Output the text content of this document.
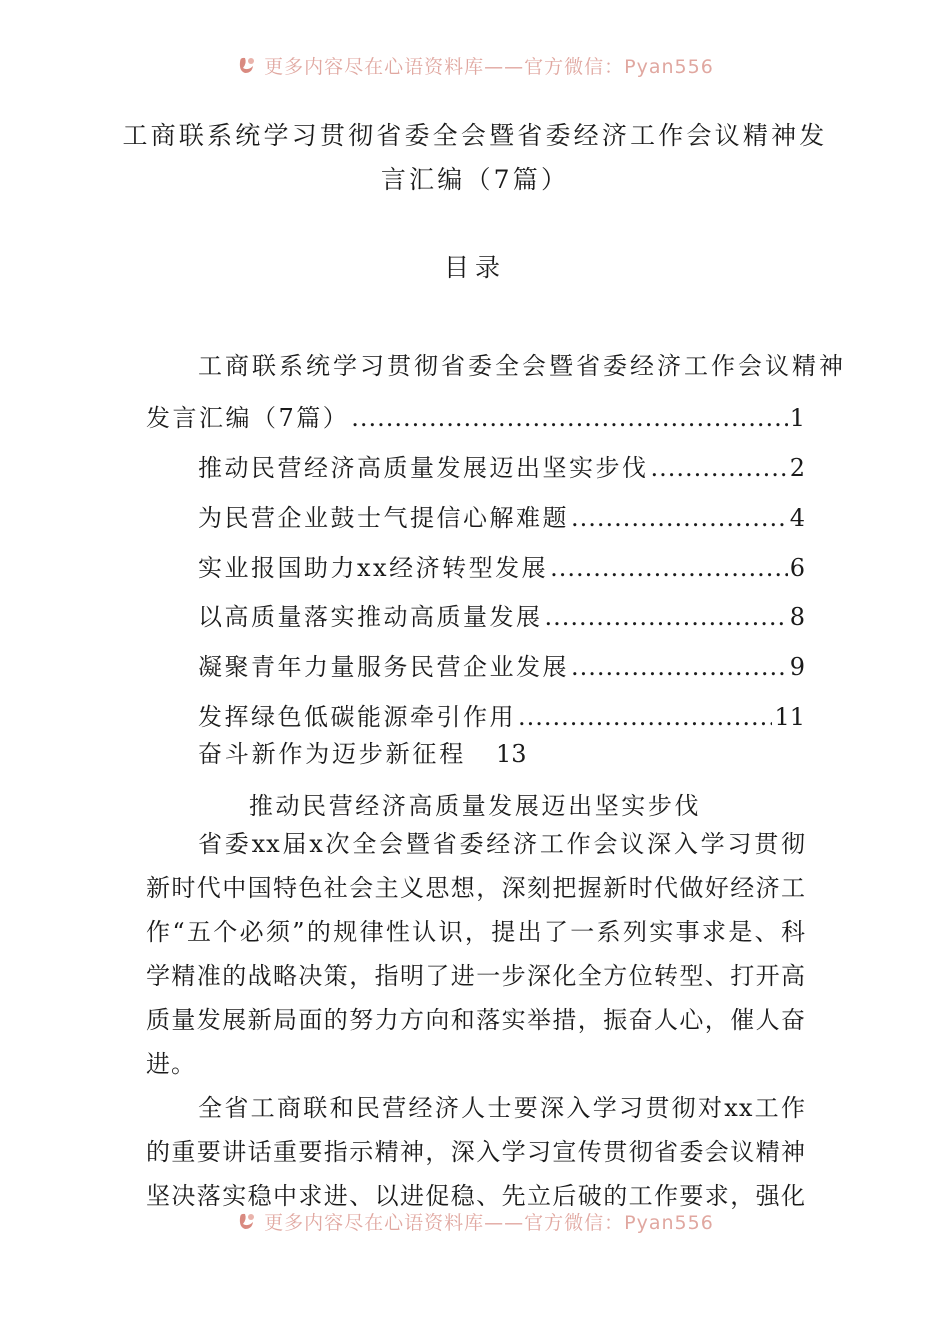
更多内容尽在心语资料库——官方微信：Pyan556
工商联系统学习贯彻省委全会暨省委经济工作会议精神发
言汇编（7篇）
目录
工商联系统学习贯彻省委全会暨省委经济工作会议精神
发言汇编（7篇） .....	1
推动民营经济高质量发展迈出坚实步伐 .....	2
为民营企业鼓士气提信心解难题 .....	4
实业报国助力xx经济转型发展 .....	6
以高质量落实推动高质量发展 .....	8
凝聚青年力量服务民营企业发展 .....	9
发挥绿色低碳能源牵引作用 .....	11
奋斗新作为迈步新征程 13
推动民营经济高质量发展迈出坚实步伐
省委xx届x次全会暨省委经济工作会议深入学习贯彻
新时代中国特色社会主义思想，深刻把握新时代做好经济工
作“五个必须”的规律性认识，提出了一系列实事求是、科
学精准的战略决策，指明了进一步深化全方位转型、打开高
质量发展新局面的努力方向和落实举措，振奋人心，催人奋
进。
全省工商联和民营经济人士要深入学习贯彻对xx工作
的重要讲话重要指示精神，深入学习宣传贯彻省委会议精神
坚决落实稳中求进、以进促稳、先立后破的工作要求，强化
更多内容尽在心语资料库——官方微信：Pyan556
